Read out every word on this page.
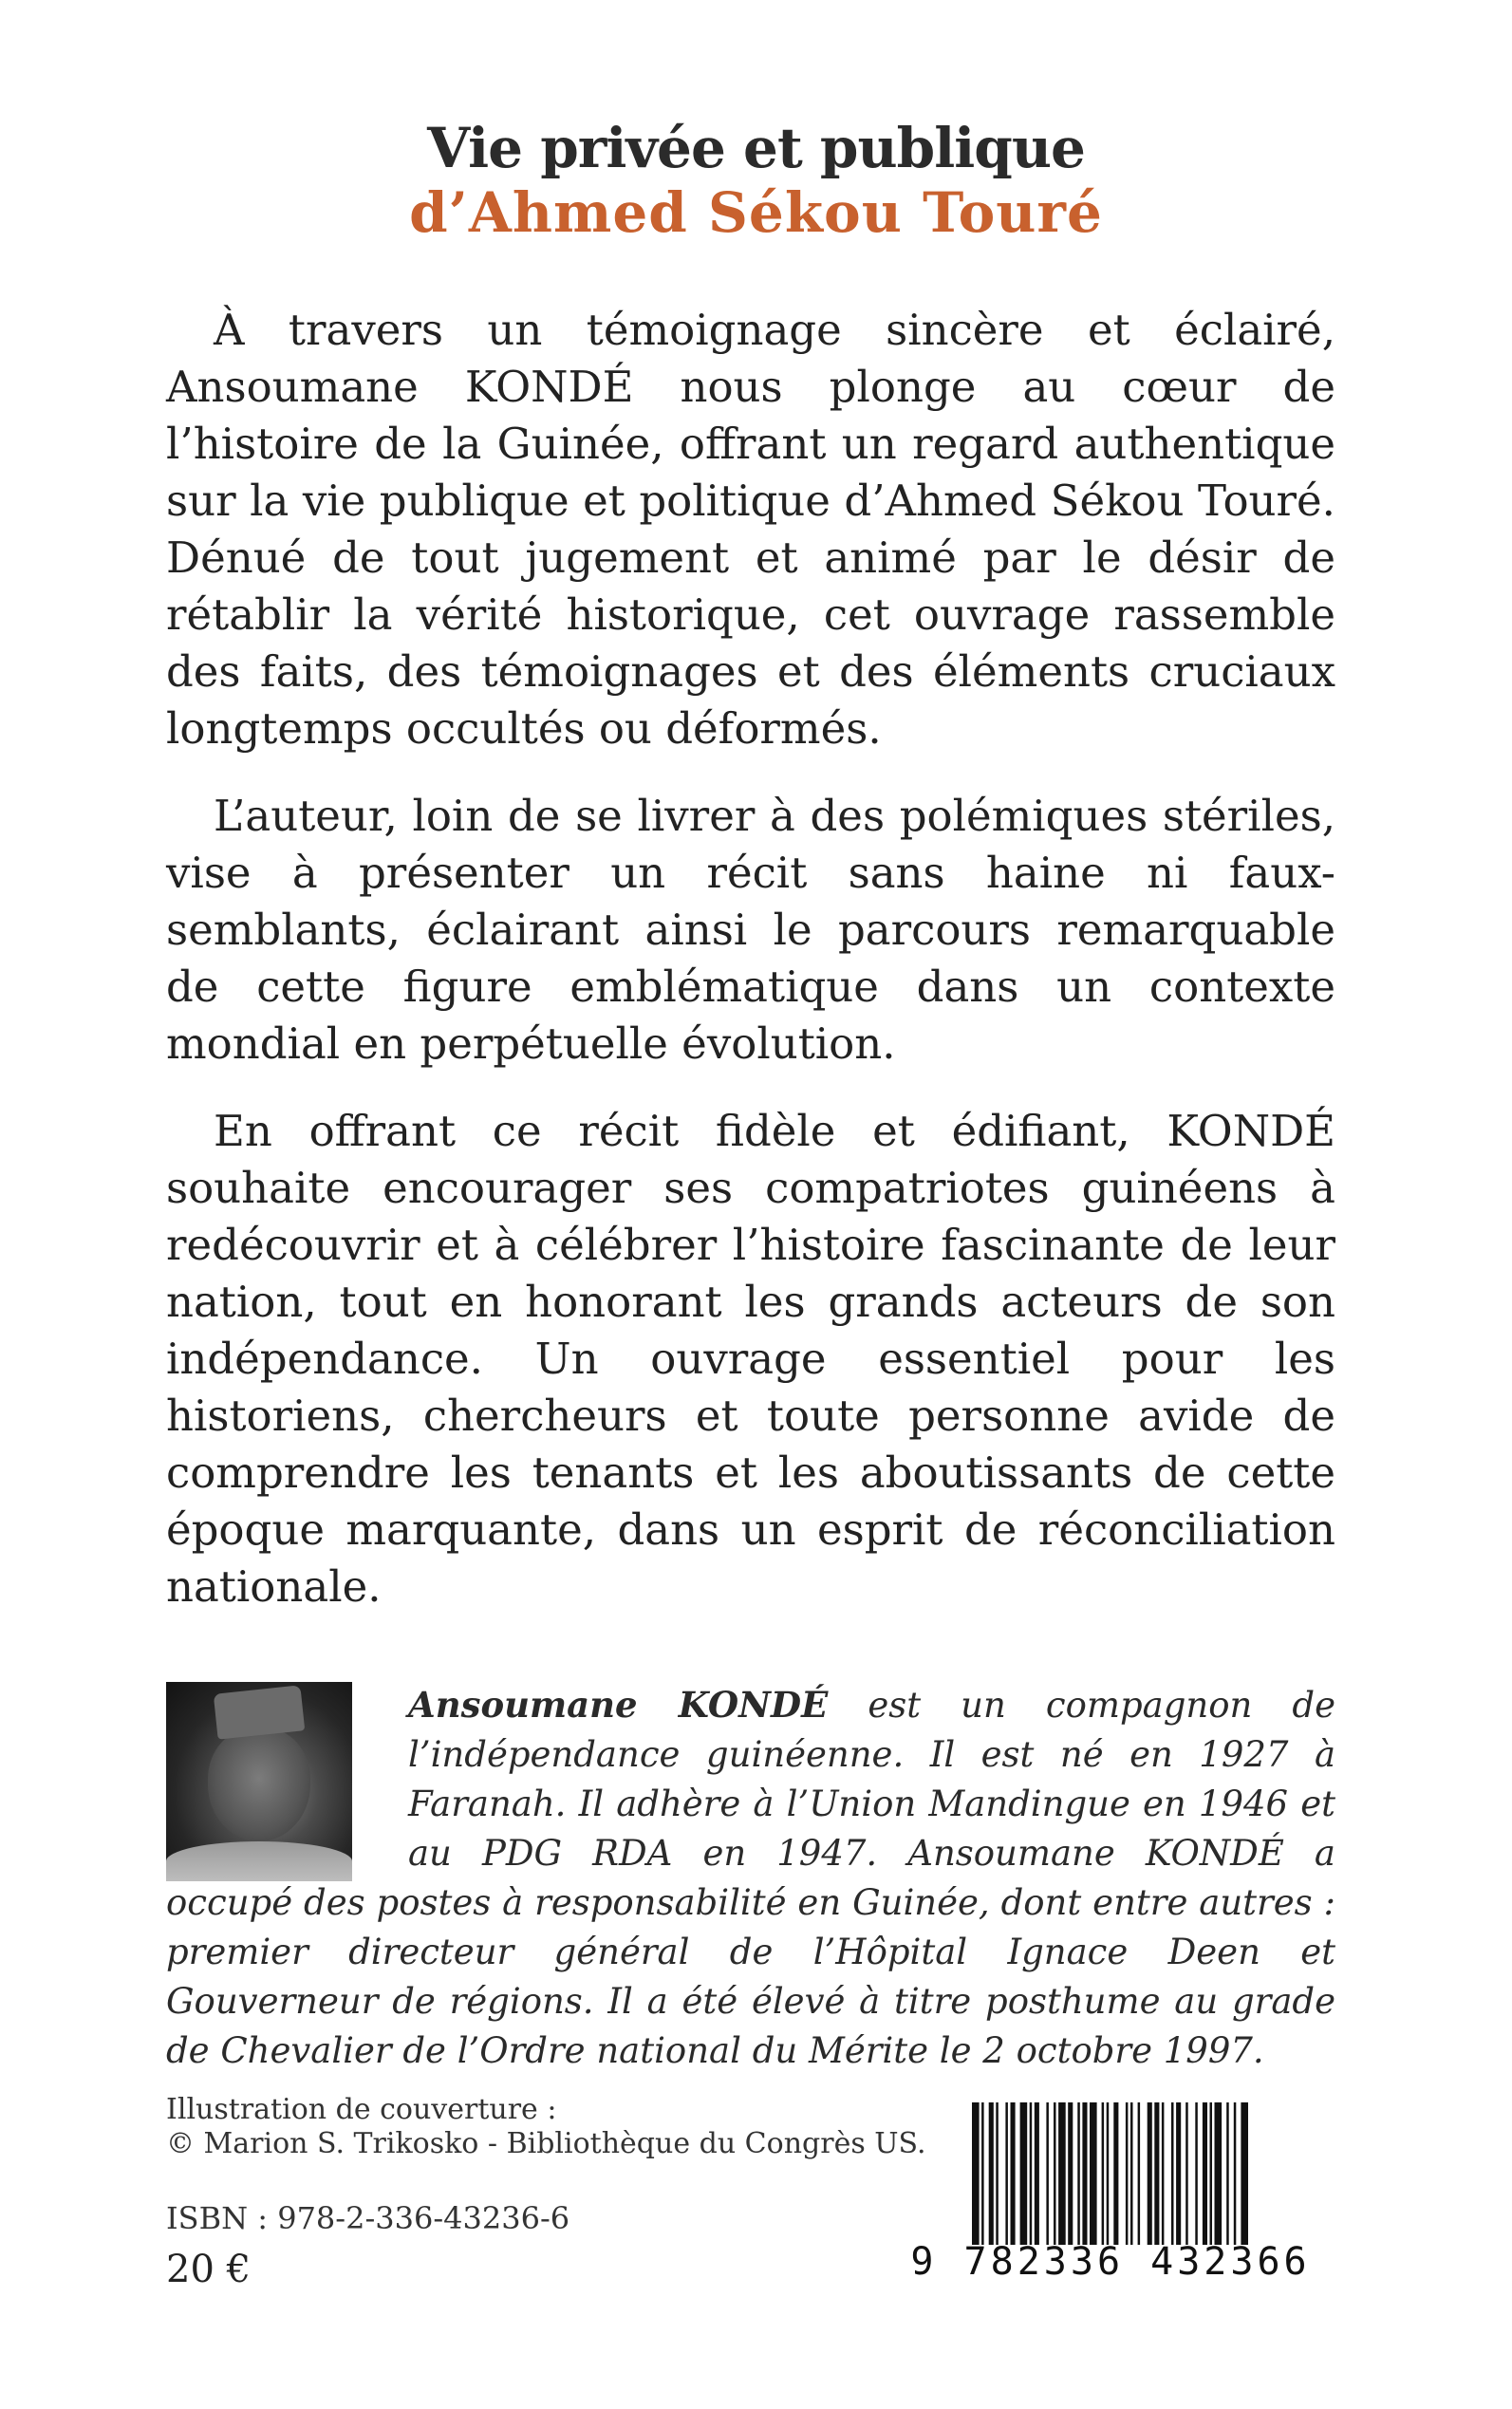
Vie privée et publique
d’Ahmed Sékou Touré

À travers un témoignage sincère et éclairé, Ansoumane KONDÉ nous plonge au cœur de l’histoire de la Guinée, offrant un regard authentique sur la vie publique et politique d’Ahmed Sékou Touré. Dénué de tout jugement et animé par le désir de rétablir la vérité historique, cet ouvrage rassemble des faits, des témoignages et des éléments cruciaux longtemps occultés ou déformés.

L’auteur, loin de se livrer à des polémiques stériles, vise à présenter un récit sans haine ni faux-semblants, éclairant ainsi le parcours remarquable de cette figure emblématique dans un contexte mondial en perpétuelle évolution.

En offrant ce récit fidèle et édifiant, KONDÉ souhaite encourager ses compatriotes guinéens à redécouvrir et à célébrer l’histoire fascinante de leur nation, tout en honorant les grands acteurs de son indépendance. Un ouvrage essentiel pour les historiens, chercheurs et toute personne avide de comprendre les tenants et les aboutissants de cette époque marquante, dans un esprit de réconciliation nationale.

Ansoumane KONDÉ est un compagnon de l’indépendance guinéenne. Il est né en 1927 à Faranah. Il adhère à l’Union Mandingue en 1946 et au PDG RDA en 1947. Ansoumane KONDÉ a occupé des postes à responsabilité en Guinée, dont entre autres : premier directeur général de l’Hôpital Ignace Deen et Gouverneur de régions. Il a été élevé à titre posthume au grade de Chevalier de l’Ordre national du Mérite le 2 octobre 1997.

Illustration de couverture :
© Marion S. Trikosko - Bibliothèque du Congrès US.
ISBN : 978-2-336-43236-6
20 €	9 782336 432366
